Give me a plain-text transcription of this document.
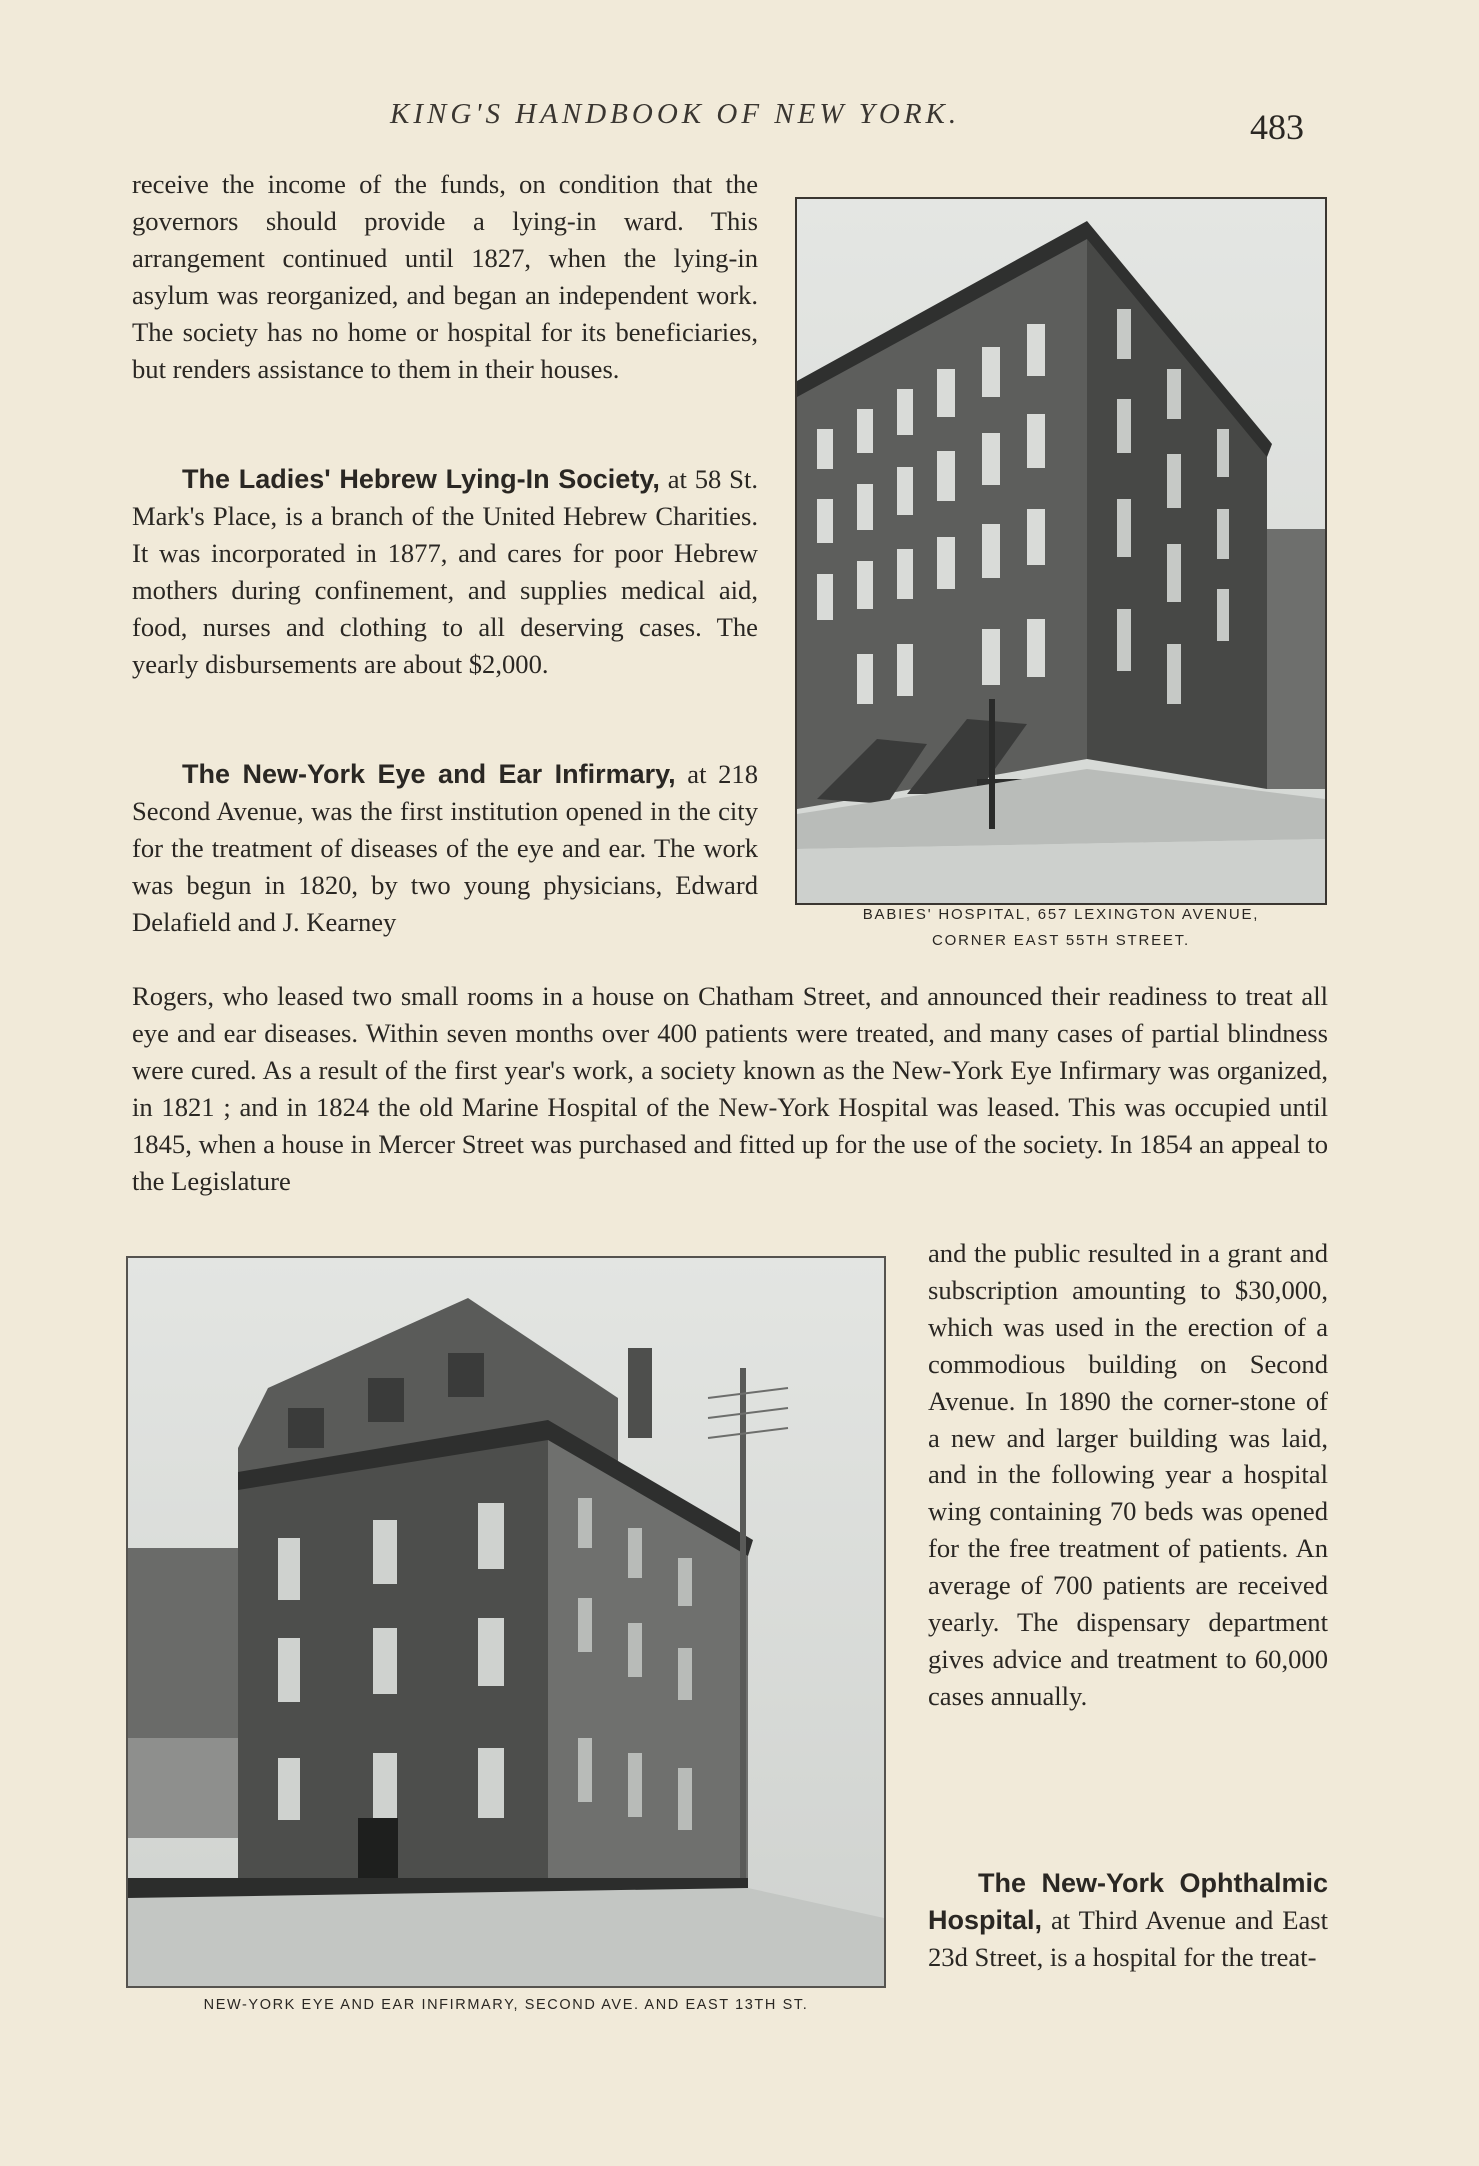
KING'S HANDBOOK OF NEW YORK.	483

receive the income of the funds, on condition that the governors should provide a lying-in ward. This arrangement continued until 1827, when the lying-in asylum was reorganized, and began an independent work. The society has no home or hospital for its beneficiaries, but renders assistance to them in their houses.

The Ladies' Hebrew Lying-In Society, at 58 St. Mark's Place, is a branch of the United Hebrew Charities. It was incorporated in 1877, and cares for poor Hebrew mothers during confinement, and supplies medical aid, food, nurses and clothing to all deserving cases. The yearly disbursements are about $2,000.

The New-York Eye and Ear Infirmary, at 218 Second Avenue, was the first institution opened in the city for the treatment of diseases of the eye and ear. The work was begun in 1820, by two young physicians, Edward Delafield and J. Kearney

Rogers, who leased two small rooms in a house on Chatham Street, and announced their readiness to treat all eye and ear diseases. Within seven months over 400 patients were treated, and many cases of partial blindness were cured. As a result of the first year's work, a society known as the New-York Eye Infirmary was organized, in 1821 ; and in 1824 the old Marine Hospital of the New-York Hospital was leased. This was occupied until 1845, when a house in Mercer Street was purchased and fitted up for the use of the society. In 1854 an appeal to the Legislature

and the public resulted in a grant and subscription amounting to $30,000, which was used in the erection of a commodious building on Second Avenue. In 1890 the corner-stone of a new and larger building was laid, and in the following year a hospital wing containing 70 beds was opened for the free treatment of patients. An average of 700 patients are received yearly. The dispensary department gives advice and treatment to 60,000 cases annually.

The New-York Ophthalmic Hospital, at Third Avenue and East 23d Street, is a hospital for the treat-

BABIES' HOSPITAL, 657 LEXINGTON AVENUE,
CORNER EAST 55TH STREET.

NEW-YORK EYE AND EAR INFIRMARY, SECOND AVE. AND EAST 13TH ST.
